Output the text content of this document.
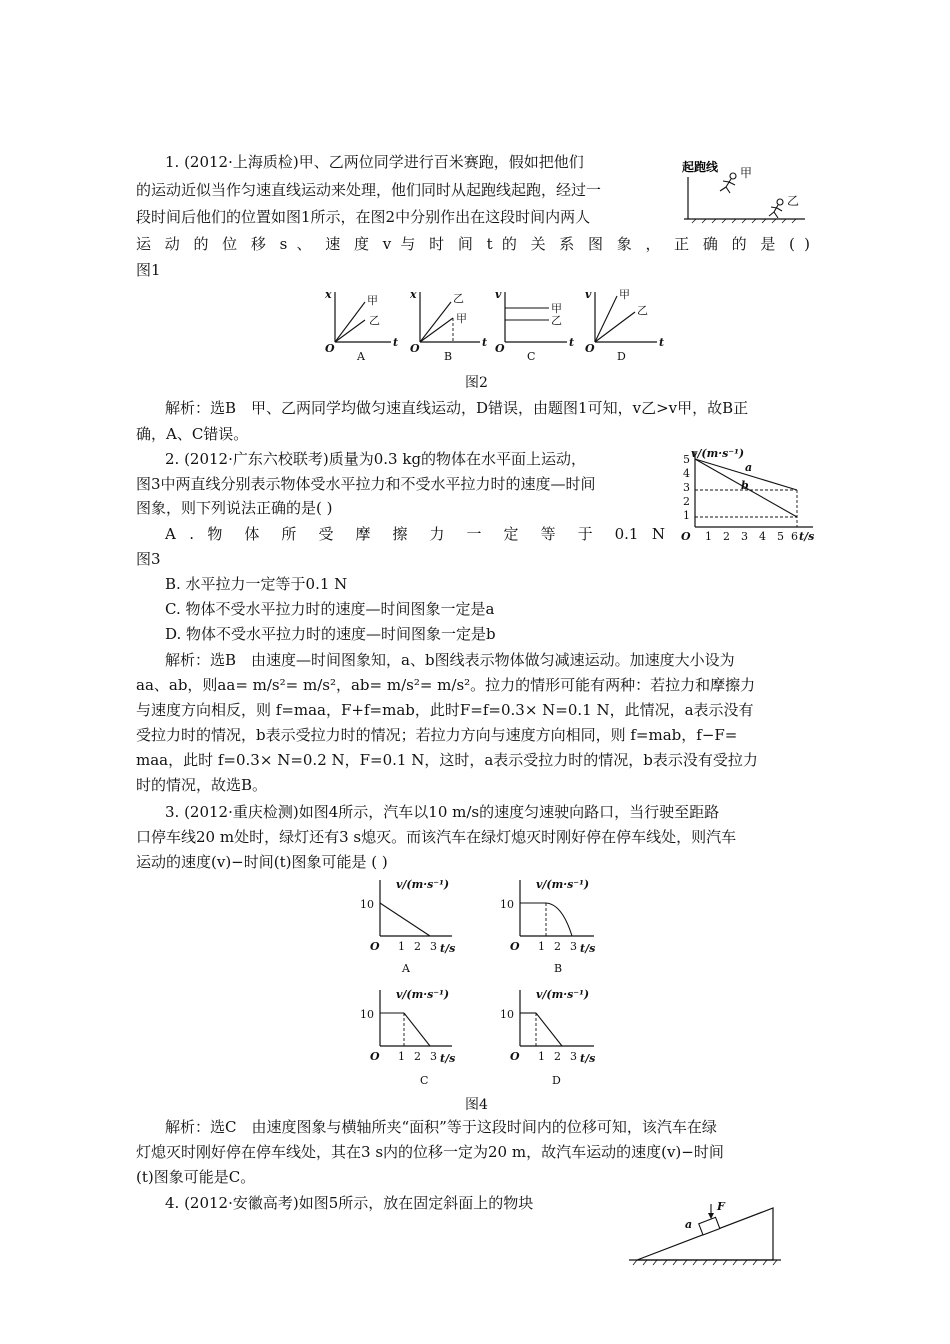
1. (2012·上海质检)甲、乙两位同学进行百米赛跑，假如把他们
的运动近似当作匀速直线运动来处理，他们同时从起跑线起跑，经过一
段时间后他们的位置如图1所示，在图2中分别作出在这段时间内两人
运 动 的 位 移 s 、 速 度 v 与 时 间 t 的 关 系 图 象 ， 正 确 的 是 ( )
图1
起跑线 甲
乙
x	甲
乙
O	t
A
x	乙
甲
O	t
B
v
甲
乙
O	t
C
v	甲
乙
O	t
D
图2
解析：选B　甲、乙两同学均做匀速直线运动，D错误，由题图1可知，v乙>v甲，故B正
确，A、C错误。
2. (2012·广东六校联考)质量为0.3 kg的物体在水平面上运动，
图3中两直线分别表示物体受水平拉力和不受水平拉力时的速度—时间
图象，则下列说法正确的是( )
A . 物 体 所 受 摩 擦 力 一 定 等 于 0.1 N
图3
B. 水平拉力一定等于0.1 N
C. 物体不受水平拉力时的速度—时间图象一定是a
D. 物体不受水平拉力时的速度—时间图象一定是b
v/(m·s⁻¹)
5
4
3
2
1
1 2 3 4 5 6
O	t/s
a
b
解析：选B　由速度—时间图象知，a、b图线表示物体做匀减速运动。加速度大小设为
aa、ab，则aa= m/s²= m/s²，ab= m/s²= m/s²。拉力的情形可能有两种：若拉力和摩擦力
与速度方向相反，则 f=maa，F+f=mab，此时F=f=0.3× N=0.1 N，此情况，a表示没有
受拉力时的情况，b表示受拉力时的情况；若拉力方向与速度方向相同，则 f=mab，f−F=
maa，此时 f=0.3× N=0.2 N，F=0.1 N，这时，a表示受拉力时的情况，b表示没有受拉力
时的情况，故选B。
3. (2012·重庆检测)如图4所示，汽车以10 m/s的速度匀速驶向路口，当行驶至距路
口停车线20 m处时，绿灯还有3 s熄灭。而该汽车在绿灯熄灭时刚好停在停车线处，则汽车
运动的速度(v)−时间(t)图象可能是 ( )
v/(m·s⁻¹)
10
O 1 2 3 t/s
A
v/(m·s⁻¹)
10
O 1 2 3 t/s
B
v/(m·s⁻¹)
10
O 1 2 3 t/s
C
v/(m·s⁻¹)
10
O 1 2 3 t/s
D
图4
解析：选C　由速度图象与横轴所夹“面积”等于这段时间内的位移可知，该汽车在绿
灯熄灭时刚好停在停车线处，其在3 s内的位移一定为20 m，故汽车运动的速度(v)−时间
(t)图象可能是C。
4. (2012·安徽高考)如图5所示，放在固定斜面上的物块	F
a
